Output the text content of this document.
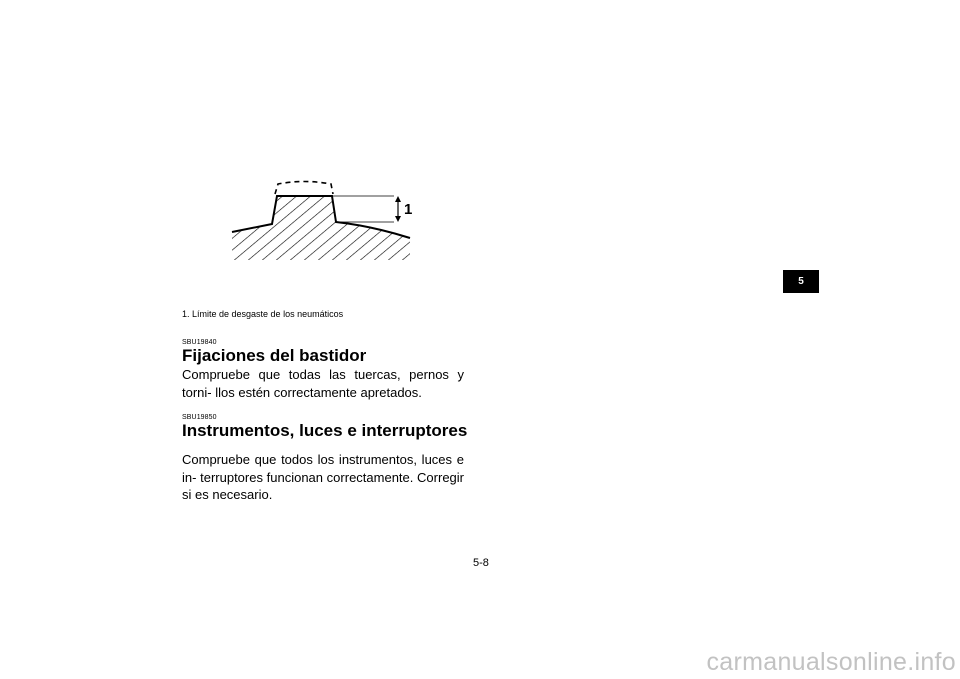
1
1. Límite de desgaste de los neumáticos
SBU19840
Fijaciones del bastidor
Compruebe que todas las tuercas, pernos y torni- llos estén correctamente apretados.
SBU19850
Instrumentos, luces e interruptores
Compruebe que todos los instrumentos, luces e in- terruptores funcionan correctamente. Corregir si es necesario.
5-8
5
carmanualsonline.info
